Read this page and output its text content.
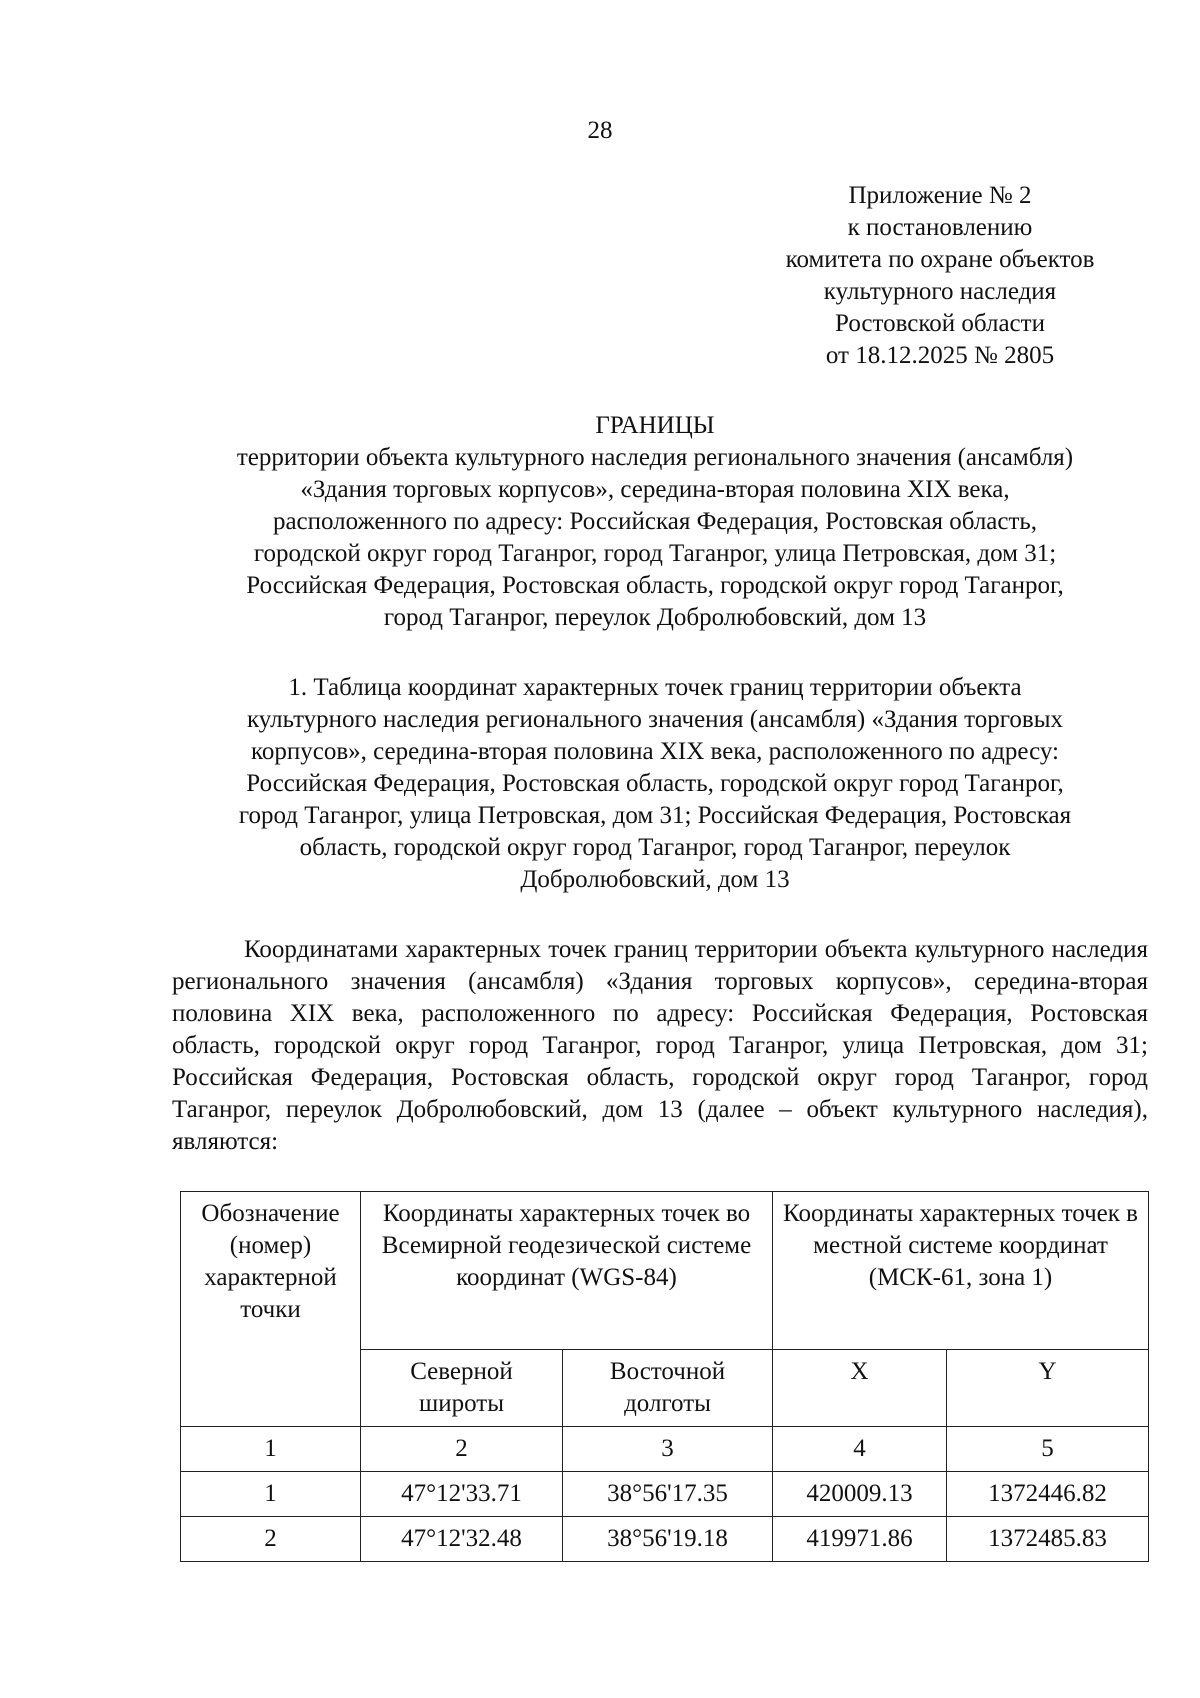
28
Приложение № 2
к постановлению
комитета по охране объектов
культурного наследия
Ростовской области
от 18.12.2025 № 2805
ГРАНИЦЫ
территории объекта культурного наследия регионального значения (ансамбля)
«Здания торговых корпусов», середина-вторая половина XIX века,
расположенного по адресу: Российская Федерация, Ростовская область,
городской округ город Таганрог, город Таганрог, улица Петровская, дом 31;
Российская Федерация, Ростовская область, городской округ город Таганрог,
город Таганрог, переулок Добролюбовский, дом 13
1. Таблица координат характерных точек границ территории объекта
культурного наследия регионального значения (ансамбля) «Здания торговых
корпусов», середина-вторая половина XIX века, расположенного по адресу:
Российская Федерация, Ростовская область, городской округ город Таганрог,
город Таганрог, улица Петровская, дом 31; Российская Федерация, Ростовская
область, городской округ город Таганрог, город Таганрог, переулок
Добролюбовский, дом 13

Координатами характерных точек границ территории объекта культурного наследия регионального значения (ансамбля) «Здания торговых корпусов», середина-вторая половина XIX века, расположенного по адресу: Российская Федерация, Ростовская область, городской округ город Таганрог, город Таганрог, улица Петровская, дом 31; Российская Федерация, Ростовская область, городской округ город Таганрог, город Таганрог, переулок Добролюбовский, дом 13 (далее – объект культурного наследия), являются:

Обозначение (номер) характерной точки	Координаты характерных точек во Всемирной геодезической системе координат (WGS-84)		Координаты характерных точек в местной системе координат (МСК-61, зона 1)	
	Северной широты	Восточной долготы	X	Y
1	2	3	4	5
1	47°12'33.71	38°56'17.35	420009.13	1372446.82
2	47°12'32.48	38°56'19.18	419971.86	1372485.83
